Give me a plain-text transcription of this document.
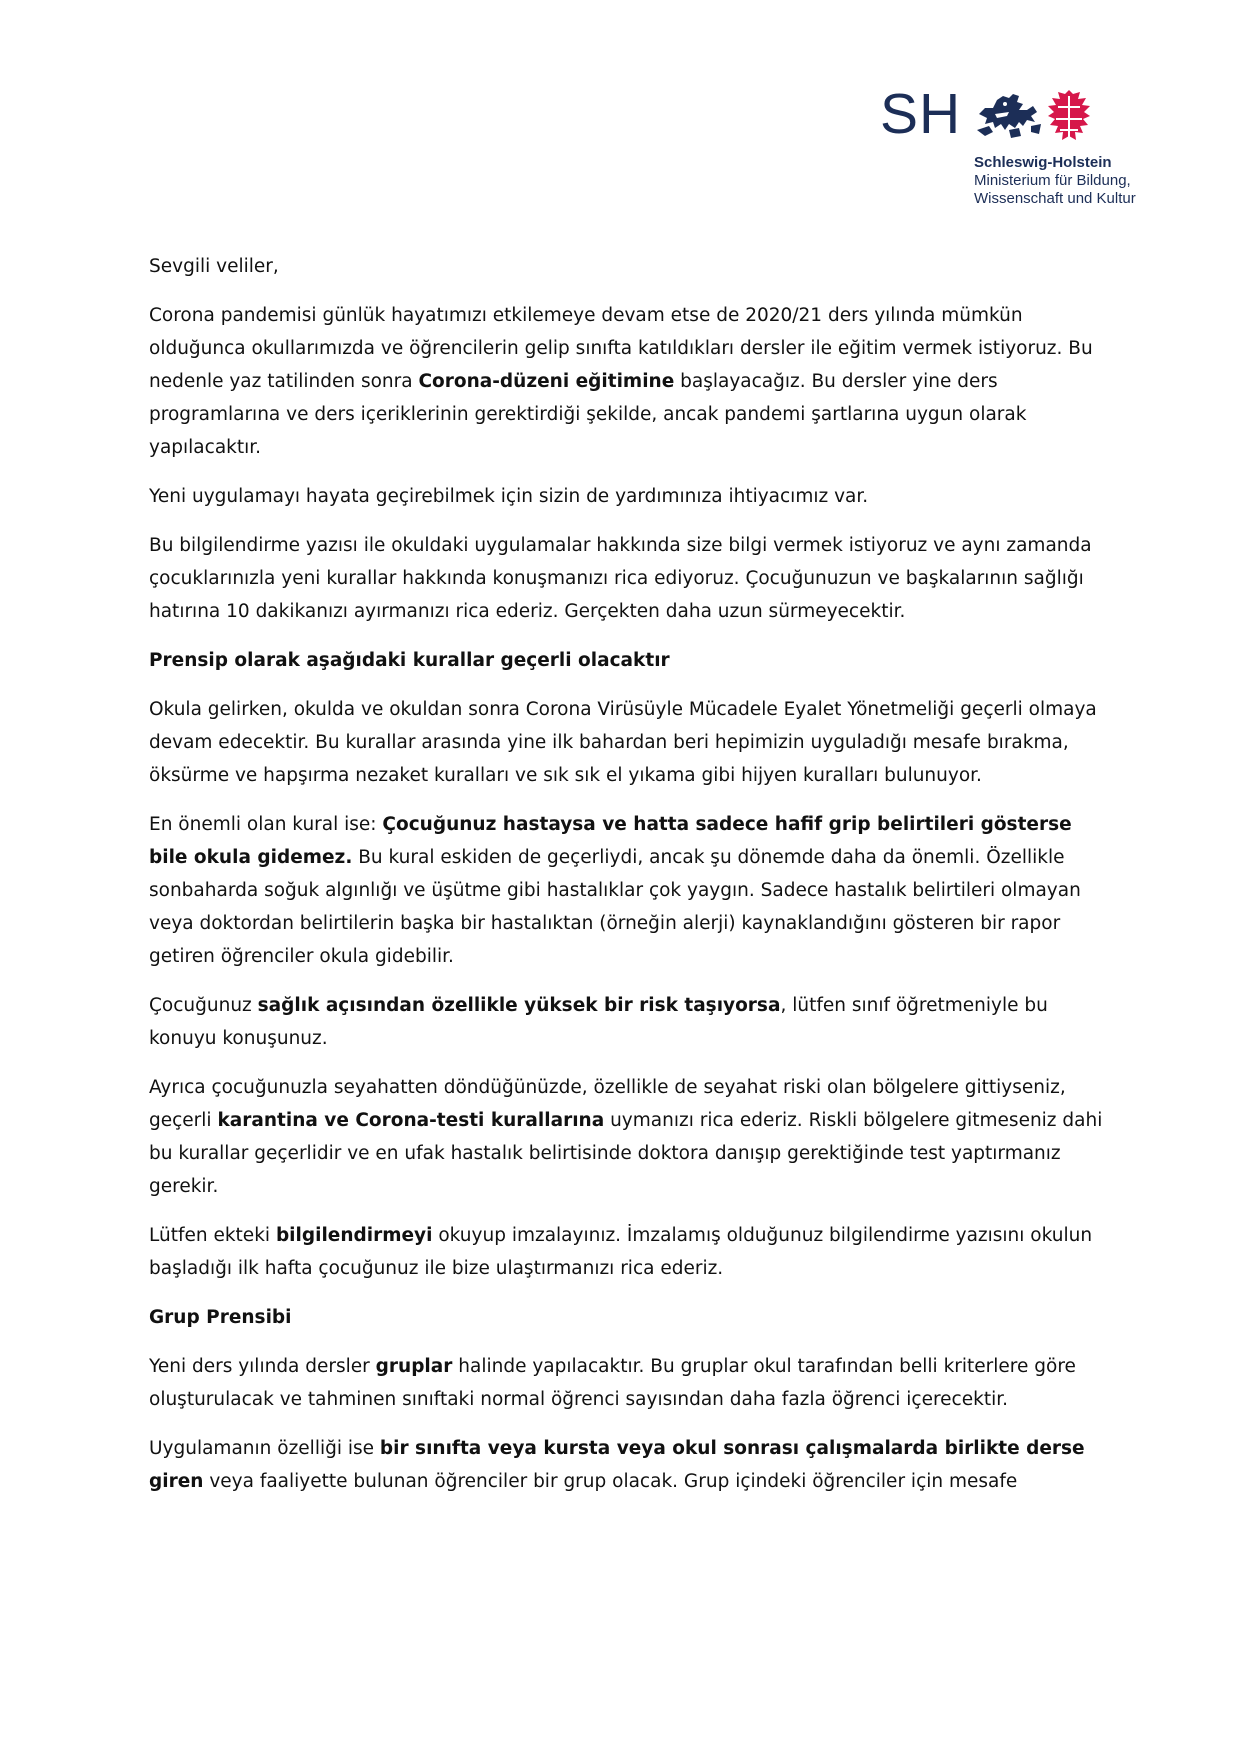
SH
Schleswig-Holstein
Ministerium für Bildung,
Wissenschaft und Kultur

Sevgili veliler,

Corona pandemisi günlük hayatımızı etkilemeye devam etse de 2020/21 ders yılında mümkün olduğunca okullarımızda ve öğrencilerin gelip sınıfta katıldıkları dersler ile eğitim vermek istiyoruz. Bu nedenle yaz tatilinden sonra Corona-düzeni eğitimine başlayacağız. Bu dersler yine ders programlarına ve ders içeriklerinin gerektirdiği şekilde, ancak pandemi şartlarına uygun olarak yapılacaktır.

Yeni uygulamayı hayata geçirebilmek için sizin de yardımınıza ihtiyacımız var.

Bu bilgilendirme yazısı ile okuldaki uygulamalar hakkında size bilgi vermek istiyoruz ve aynı zamanda çocuklarınızla yeni kurallar hakkında konuşmanızı rica ediyoruz. Çocuğunuzun ve başkalarının sağlığı hatırına 10 dakikanızı ayırmanızı rica ederiz. Gerçekten daha uzun sürmeyecektir.

Prensip olarak aşağıdaki kurallar geçerli olacaktır

Okula gelirken, okulda ve okuldan sonra Corona Virüsüyle Mücadele Eyalet Yönetmeliği geçerli olmaya devam edecektir. Bu kurallar arasında yine ilk bahardan beri hepimizin uyguladığı mesafe bırakma, öksürme ve hapşırma nezaket kuralları ve sık sık el yıkama gibi hijyen kuralları bulunuyor.

En önemli olan kural ise: Çocuğunuz hastaysa ve hatta sadece hafif grip belirtileri gösterse bile okula gidemez. Bu kural eskiden de geçerliydi, ancak şu dönemde daha da önemli. Özellikle sonbaharda soğuk algınlığı ve üşütme gibi hastalıklar çok yaygın. Sadece hastalık belirtileri olmayan veya doktordan belirtilerin başka bir hastalıktan (örneğin alerji) kaynaklandığını gösteren bir rapor getiren öğrenciler okula gidebilir.

Çocuğunuz sağlık açısından özellikle yüksek bir risk taşıyorsa, lütfen sınıf öğretmeniyle bu konuyu konuşunuz.

Ayrıca çocuğunuzla seyahatten döndüğünüzde, özellikle de seyahat riski olan bölgelere gittiyseniz, geçerli karantina ve Corona-testi kurallarına uymanızı rica ederiz. Riskli bölgelere gitmeseniz dahi bu kurallar geçerlidir ve en ufak hastalık belirtisinde doktora danışıp gerektiğinde test yaptırmanız gerekir.

Lütfen ekteki bilgilendirmeyi okuyup imzalayınız. İmzalamış olduğunuz bilgilendirme yazısını okulun başladığı ilk hafta çocuğunuz ile bize ulaştırmanızı rica ederiz.

Grup Prensibi

Yeni ders yılında dersler gruplar halinde yapılacaktır. Bu gruplar okul tarafından belli kriterlere göre oluşturulacak ve tahminen sınıftaki normal öğrenci sayısından daha fazla öğrenci içerecektir.

Uygulamanın özelliği ise bir sınıfta veya kursta veya okul sonrası çalışmalarda birlikte derse giren veya faaliyette bulunan öğrenciler bir grup olacak. Grup içindeki öğrenciler için mesafe
